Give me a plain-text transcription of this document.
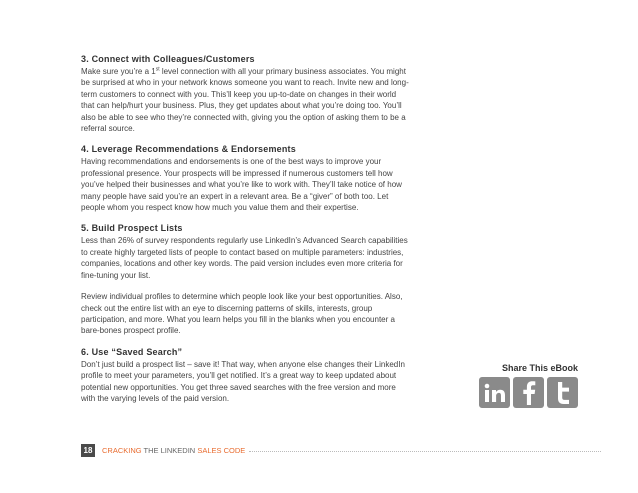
3. Connect with Colleagues/Customers
Make sure you’re a 1st level connection with all your primary business associates. You might be surprised at who in your network knows someone you want to reach. Invite new and long-term customers to connect with you. This’ll keep you up-to-date on changes in their world that can help/hurt your business. Plus, they get updates about what you’re doing too. You’ll also be able to see who they’re connected with, giving you the option of asking them to be a referral source.
4. Leverage Recommendations & Endorsements
Having recommendations and endorsements is one of the best ways to improve your professional presence. Your prospects will be impressed if numerous customers tell how you’ve helped their businesses and what you’re like to work with. They’ll take notice of how many people have said you’re an expert in a relevant area. Be a “giver” of both too. Let people whom you respect know how much you value them and their expertise.
5. Build Prospect Lists
Less than 26% of survey respondents regularly use LinkedIn’s Advanced Search capabilities to create highly targeted lists of people to contact based on multiple parameters: industries, companies, locations and other key words. The paid version includes even more criteria for fine-tuning your list.
Review individual profiles to determine which people look like your best opportunities. Also, check out the entire list with an eye to discerning patterns of skills, interests, group participation, and more. What you learn helps you fill in the blanks when you encounter a bare-bones prospect profile.
6. Use “Saved Search”
Don’t just build a prospect list – save it! That way, when anyone else changes their LinkedIn profile to meet your parameters, you’ll get notified. It’s a great way to keep updated about potential new opportunities. You get three saved searches with the free version and more with the varying levels of the paid version.
Share This eBook
18	CRACKING THE LINKEDIN SALES CODE
